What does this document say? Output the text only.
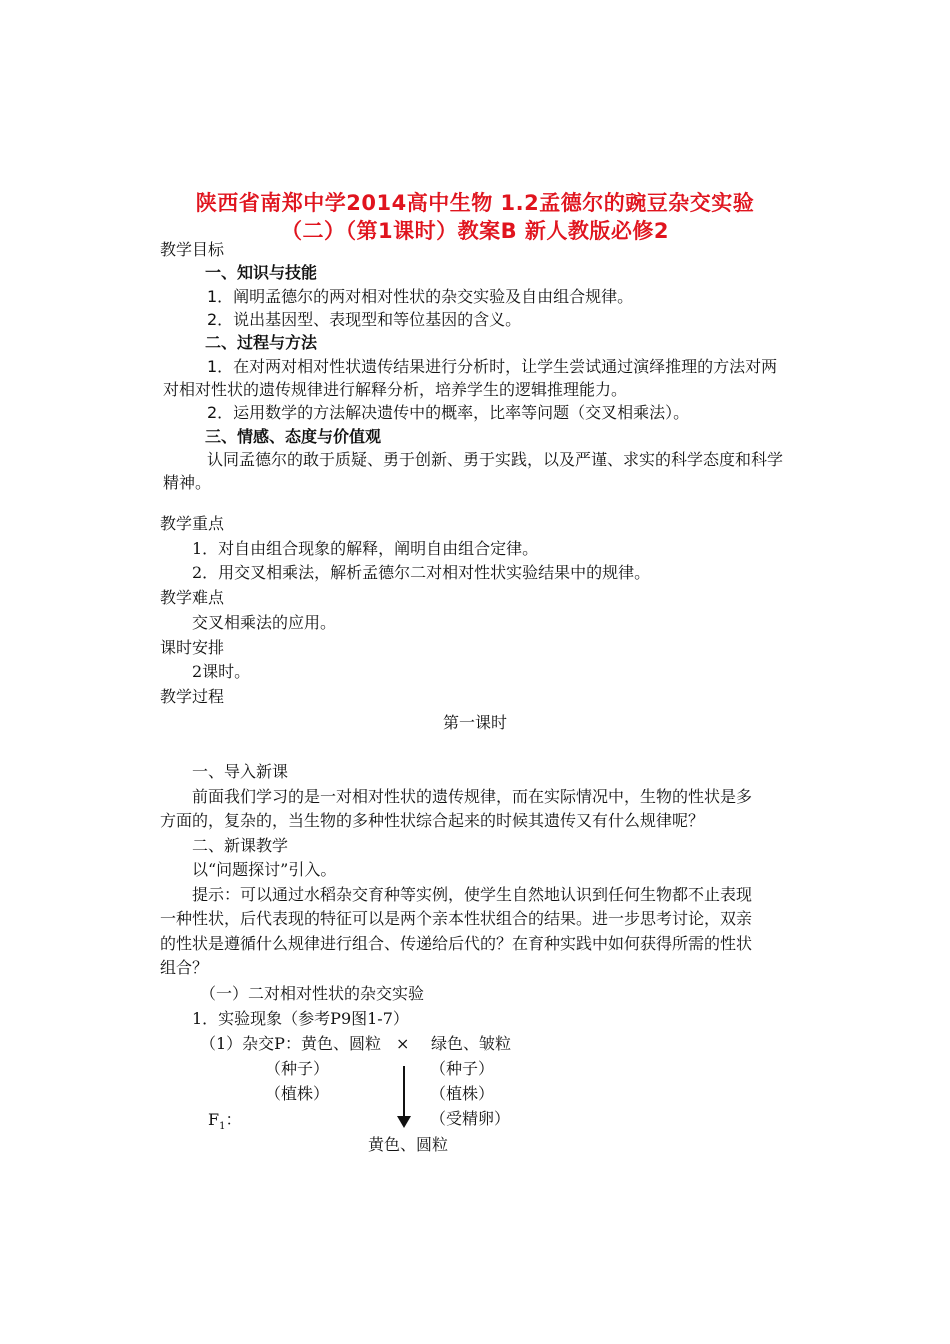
陕西省南郑中学2014高中生物 1.2孟德尔的豌豆杂交实验
（二）（第1课时）教案B 新人教版必修2
教学目标
一、知识与技能
1．阐明孟德尔的两对相对性状的杂交实验及自由组合规律。
2．说出基因型、表现型和等位基因的含义。
二、过程与方法
1．在对两对相对性状遗传结果进行分析时，让学生尝试通过演绎推理的方法对两
对相对性状的遗传规律进行解释分析，培养学生的逻辑推理能力。
2．运用数学的方法解决遗传中的概率，比率等问题（交叉相乘法）。
三、情感、态度与价值观
认同孟德尔的敢于质疑、勇于创新、勇于实践，以及严谨、求实的科学态度和科学
精神。
教学重点
1．对自由组合现象的解释，阐明自由组合定律。
2．用交叉相乘法，解析孟德尔二对相对性状实验结果中的规律。
教学难点
交叉相乘法的应用。
课时安排
2课时。
教学过程
第一课时
一、导入新课
前面我们学习的是一对相对性状的遗传规律，而在实际情况中，生物的性状是多
方面的，复杂的，当生物的多种性状综合起来的时候其遗传又有什么规律呢？
二、新课教学
以“问题探讨”引入。
提示：可以通过水稻杂交育种等实例，使学生自然地认识到任何生物都不止表现
一种性状，后代表现的特征可以是两个亲本性状组合的结果。进一步思考讨论，双亲
的性状是遵循什么规律进行组合、传递给后代的？在育种实践中如何获得所需的性状
组合？
（一）二对相对性状的杂交实验
1．实验现象（参考P9图1-7）
（1）杂交P：黄色、圆粒 × 绿色、皱粒
（种子）	（种子）
（植株）	（植株）
$F_1$：	（受精卵）
黄色、圆粒
